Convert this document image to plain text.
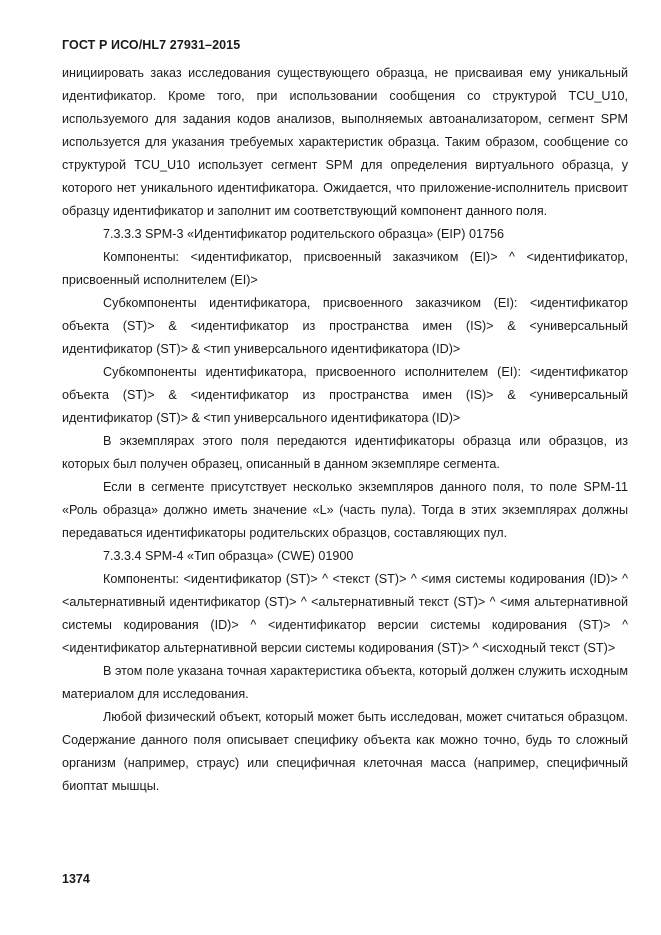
ГОСТ Р ИСО/HL7 27931–2015

инициировать заказ исследования существующего образца, не присваивая ему уникальный идентификатор. Кроме того, при использовании сообщения со структурой TCU_U10, используемого для задания кодов анализов, выполняемых автоанализатором, сегмент SPM используется для указания требуемых характеристик образца. Таким образом, сообщение со структурой TCU_U10 использует сегмент SPM для определения виртуального образца, у которого нет уникального идентификатора. Ожидается, что приложение-исполнитель присвоит образцу идентификатор и заполнит им соответствующий компонент данного поля.

7.3.3.3 SPM-3 «Идентификатор родительского образца» (EIP) 01756

Компоненты: <идентификатор, присвоенный заказчиком (EI)> ^ <идентификатор, присвоенный исполнителем (EI)>

Субкомпоненты идентификатора, присвоенного заказчиком (EI): <идентификатор объекта (ST)> & <идентификатор из пространства имен (IS)> & <универсальный идентификатор (ST)> & <тип универсального идентификатора (ID)>

Субкомпоненты идентификатора, присвоенного исполнителем (EI): <идентификатор объекта (ST)> & <идентификатор из пространства имен (IS)> & <универсальный идентификатор (ST)> & <тип универсального идентификатора (ID)>

В экземплярах этого поля передаются идентификаторы образца или образцов, из которых был получен образец, описанный в данном экземпляре сегмента.

Если в сегменте присутствует несколько экземпляров данного поля, то поле SPM-11 «Роль образца» должно иметь значение «L» (часть пула). Тогда в этих экземплярах должны передаваться идентификаторы родительских образцов, составляющих пул.

7.3.3.4 SPM-4 «Тип образца» (CWE) 01900

Компоненты: <идентификатор (ST)> ^ <текст (ST)> ^ <имя системы кодирования (ID)> ^ <альтернативный идентификатор (ST)> ^ <альтернативный текст (ST)> ^ <имя альтернативной системы кодирования (ID)> ^ <идентификатор версии системы кодирования (ST)> ^ <идентификатор альтернативной версии системы кодирования (ST)> ^ <исходный текст (ST)>

В этом поле указана точная характеристика объекта, который должен служить исходным материалом для исследования.

Любой физический объект, который может быть исследован, может считаться образцом. Содержание данного поля описывает специфику объекта как можно точно, будь то сложный организм (например, страус) или специфичная клеточная масса (например, специфичный биоптат мышцы.

1374
